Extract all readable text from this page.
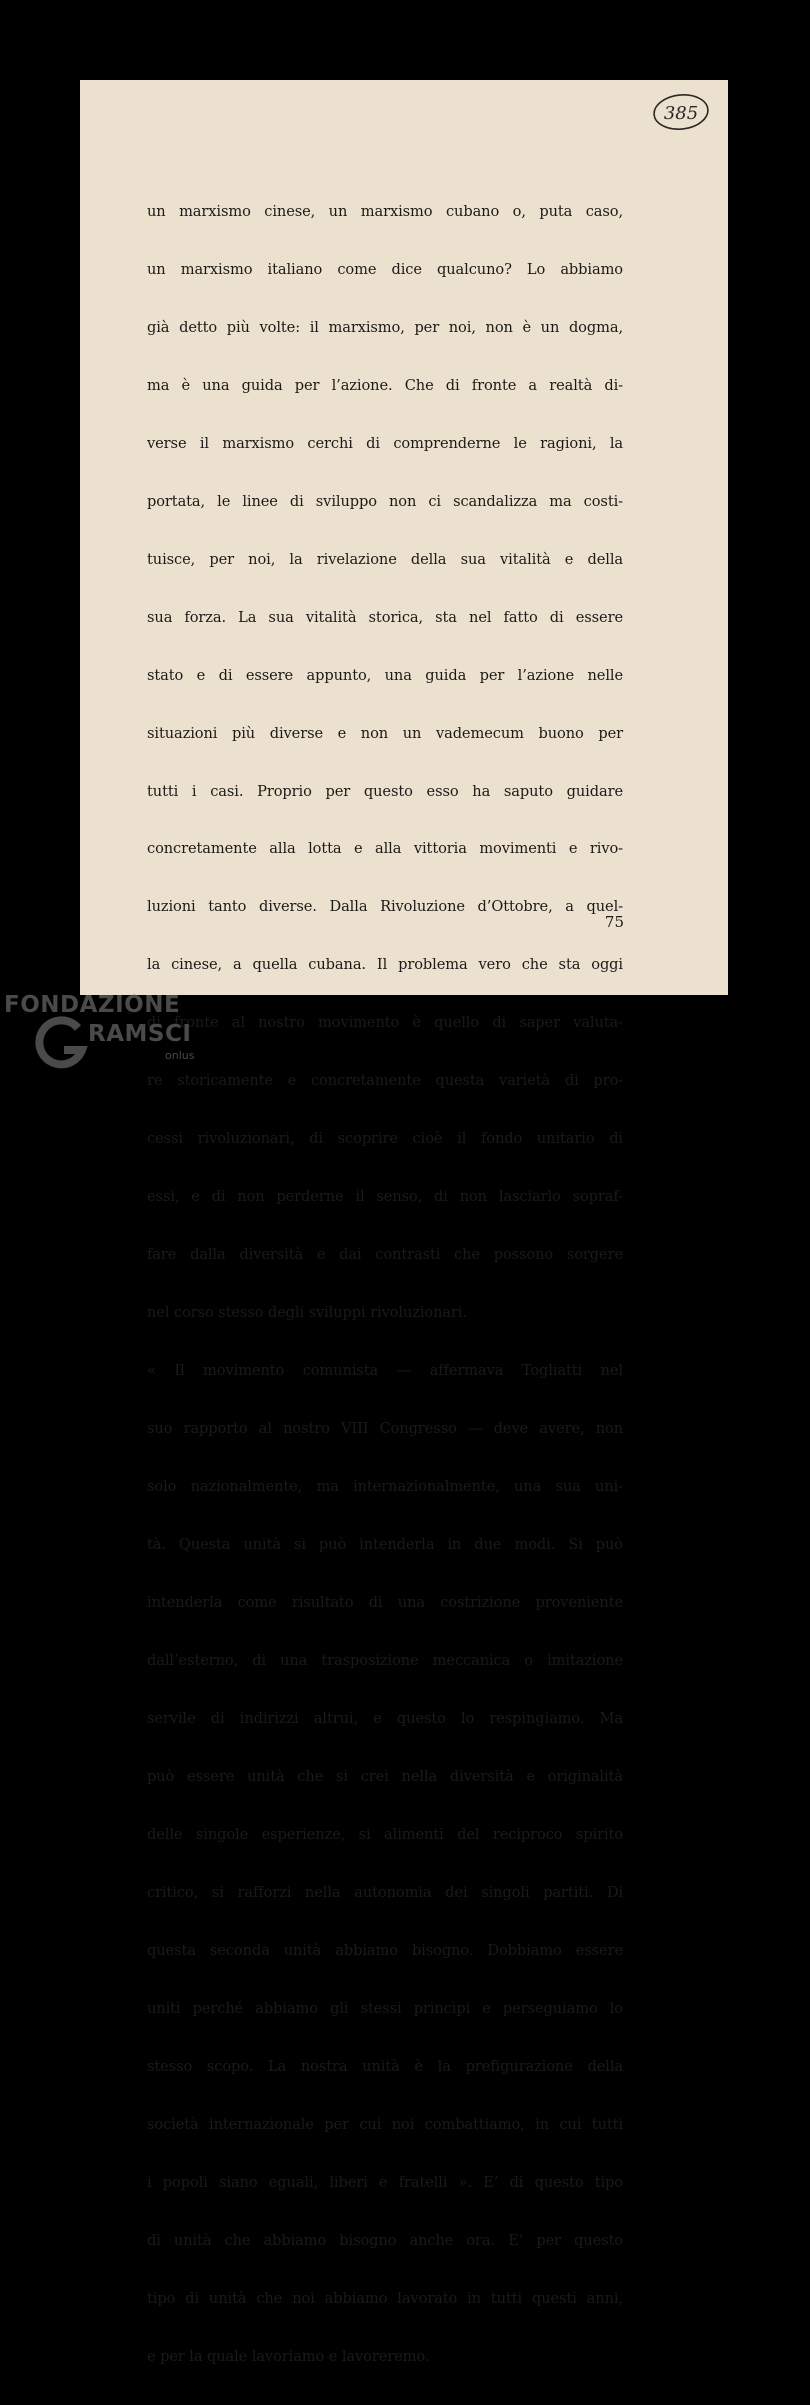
385

un marxismo cinese, un marxismo cubano o, puta caso,

un marxismo italiano come dice qualcuno? Lo abbiamo

già detto più volte: il marxismo, per noi, non è un dogma,

ma è una guida per l’azione. Che di fronte a realtà di-

verse il marxismo cerchi di comprenderne le ragioni, la

portata, le linee di sviluppo non ci scandalizza ma costi-

tuisce, per noi, la rivelazione della sua vitalità e della

sua forza. La sua vitalità storica, sta nel fatto di essere

stato e di essere appunto, una guida per l’azione nelle

situazioni più diverse e non un vademecum buono per

tutti i casi. Proprio per questo esso ha saputo guidare

concretamente alla lotta e alla vittoria movimenti e rivo-

luzioni tanto diverse. Dalla Rivoluzione d’Ottobre, a quel-

la cinese, a quella cubana. Il problema vero che sta oggi

di fronte al nostro movimento è quello di saper valuta-

re storicamente e concretamente questa varietà di pro-

cessi rivoluzionari, di scoprire cioè il fondo unitario di

essi, e di non perderne il senso, di non lasciarlo sopraf-

fare dalla diversità e dai contrasti che possono sorgere

nel corso stesso degli sviluppi rivoluzionari.

« Il movimento comunista — affermava Togliatti nel

suo rapporto al nostro VIII Congresso — deve avere, non

solo nazionalmente, ma internazionalmente, una sua uni-

tà. Questa unità si può intenderla in due modi. Si può

intenderla come risultato di una costrizione proveniente

dall’esterno, di una trasposizione meccanica o imitazione

servile di indirizzi altrui, e questo lo respingiamo. Ma

può essere unità che si crei nella diversità e originalità

delle singole esperienze, si alimenti del reciproco spirito

critico, si rafforzi nella autonomia dei singoli partiti. Di

questa seconda unità abbiamo bisogno. Dobbiamo essere

uniti perché abbiamo gli stessi princìpi e perseguiamo lo

stesso scopo. La nostra unità è la prefigurazione della

società internazionale per cui noi combattiamo, in cui tutti

i popoli siano eguali, liberi e fratelli ». E’ di questo tipo

di unità che abbiamo bisogno anche ora. E’ per questo

tipo di unità che noi abbiamo lavorato in tutti questi anni,

e per la quale lavoriamo e lavoreremo.

75
FONDAZIONE
RAMSCI
onlus
